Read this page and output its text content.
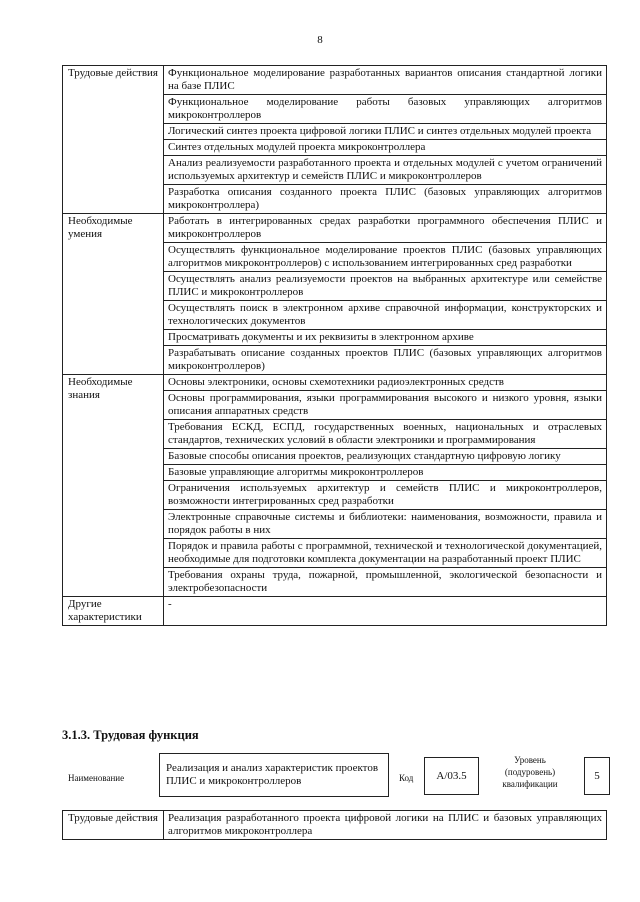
8
Трудовые действия	Функциональное моделирование разработанных вариантов описания стандартной логики на базе ПЛИС
	Функциональное моделирование работы базовых управляющих алгоритмов микроконтроллеров
	Логический синтез проекта цифровой логики ПЛИС и синтез отдельных модулей проекта
	Синтез отдельных модулей проекта микроконтроллера
	Анализ реализуемости разработанного проекта и отдельных модулей с учетом ограничений используемых архитектур и семейств ПЛИС и микроконтроллеров
	Разработка описания созданного проекта ПЛИС (базовых управляющих алгоритмов микроконтроллера)
Необходимые умения	Работать в интегрированных средах разработки программного обеспечения ПЛИС и микроконтроллеров
	Осуществлять функциональное моделирование проектов ПЛИС (базовых управляющих алгоритмов микроконтроллеров) с использованием интегрированных сред разработки
	Осуществлять анализ реализуемости проектов на выбранных архитектуре или семействе ПЛИС и микроконтроллеров
	Осуществлять поиск в электронном архиве справочной информации, конструкторских и технологических документов
	Просматривать документы и их реквизиты в электронном архиве
	Разрабатывать описание созданных проектов ПЛИС (базовых управляющих алгоритмов микроконтроллеров)
Необходимые знания	Основы электроники, основы схемотехники радиоэлектронных средств
	Основы программирования, языки программирования высокого и низкого уровня, языки описания аппаратных средств
	Требования ЕСКД, ЕСПД, государственных военных, национальных и отраслевых стандартов, технических условий в области электроники и программирования
	Базовые способы описания проектов, реализующих стандартную цифровую логику
	Базовые управляющие алгоритмы микроконтроллеров
	Ограничения используемых архитектур и семейств ПЛИС и микроконтроллеров, возможности интегрированных сред разработки
	Электронные справочные системы и библиотеки: наименования, возможности, правила и порядок работы в них
	Порядок и правила работы с программной, технической и технологической документацией, необходимые для подготовки комплекта документации на разработанный проект ПЛИС
	Требования охраны труда, пожарной, промышленной, экологической безопасности и электробезопасности
Другие характеристики	-
3.1.3. Трудовая функция
Наименование
Реализация и анализ характеристик проектов ПЛИС и микроконтроллеров	Код A/03.5
Уровень (подуровень) квалификации
5
Трудовые действия	Реализация разработанного проекта цифровой логики на ПЛИС и базовых управляющих алгоритмов микроконтроллера
